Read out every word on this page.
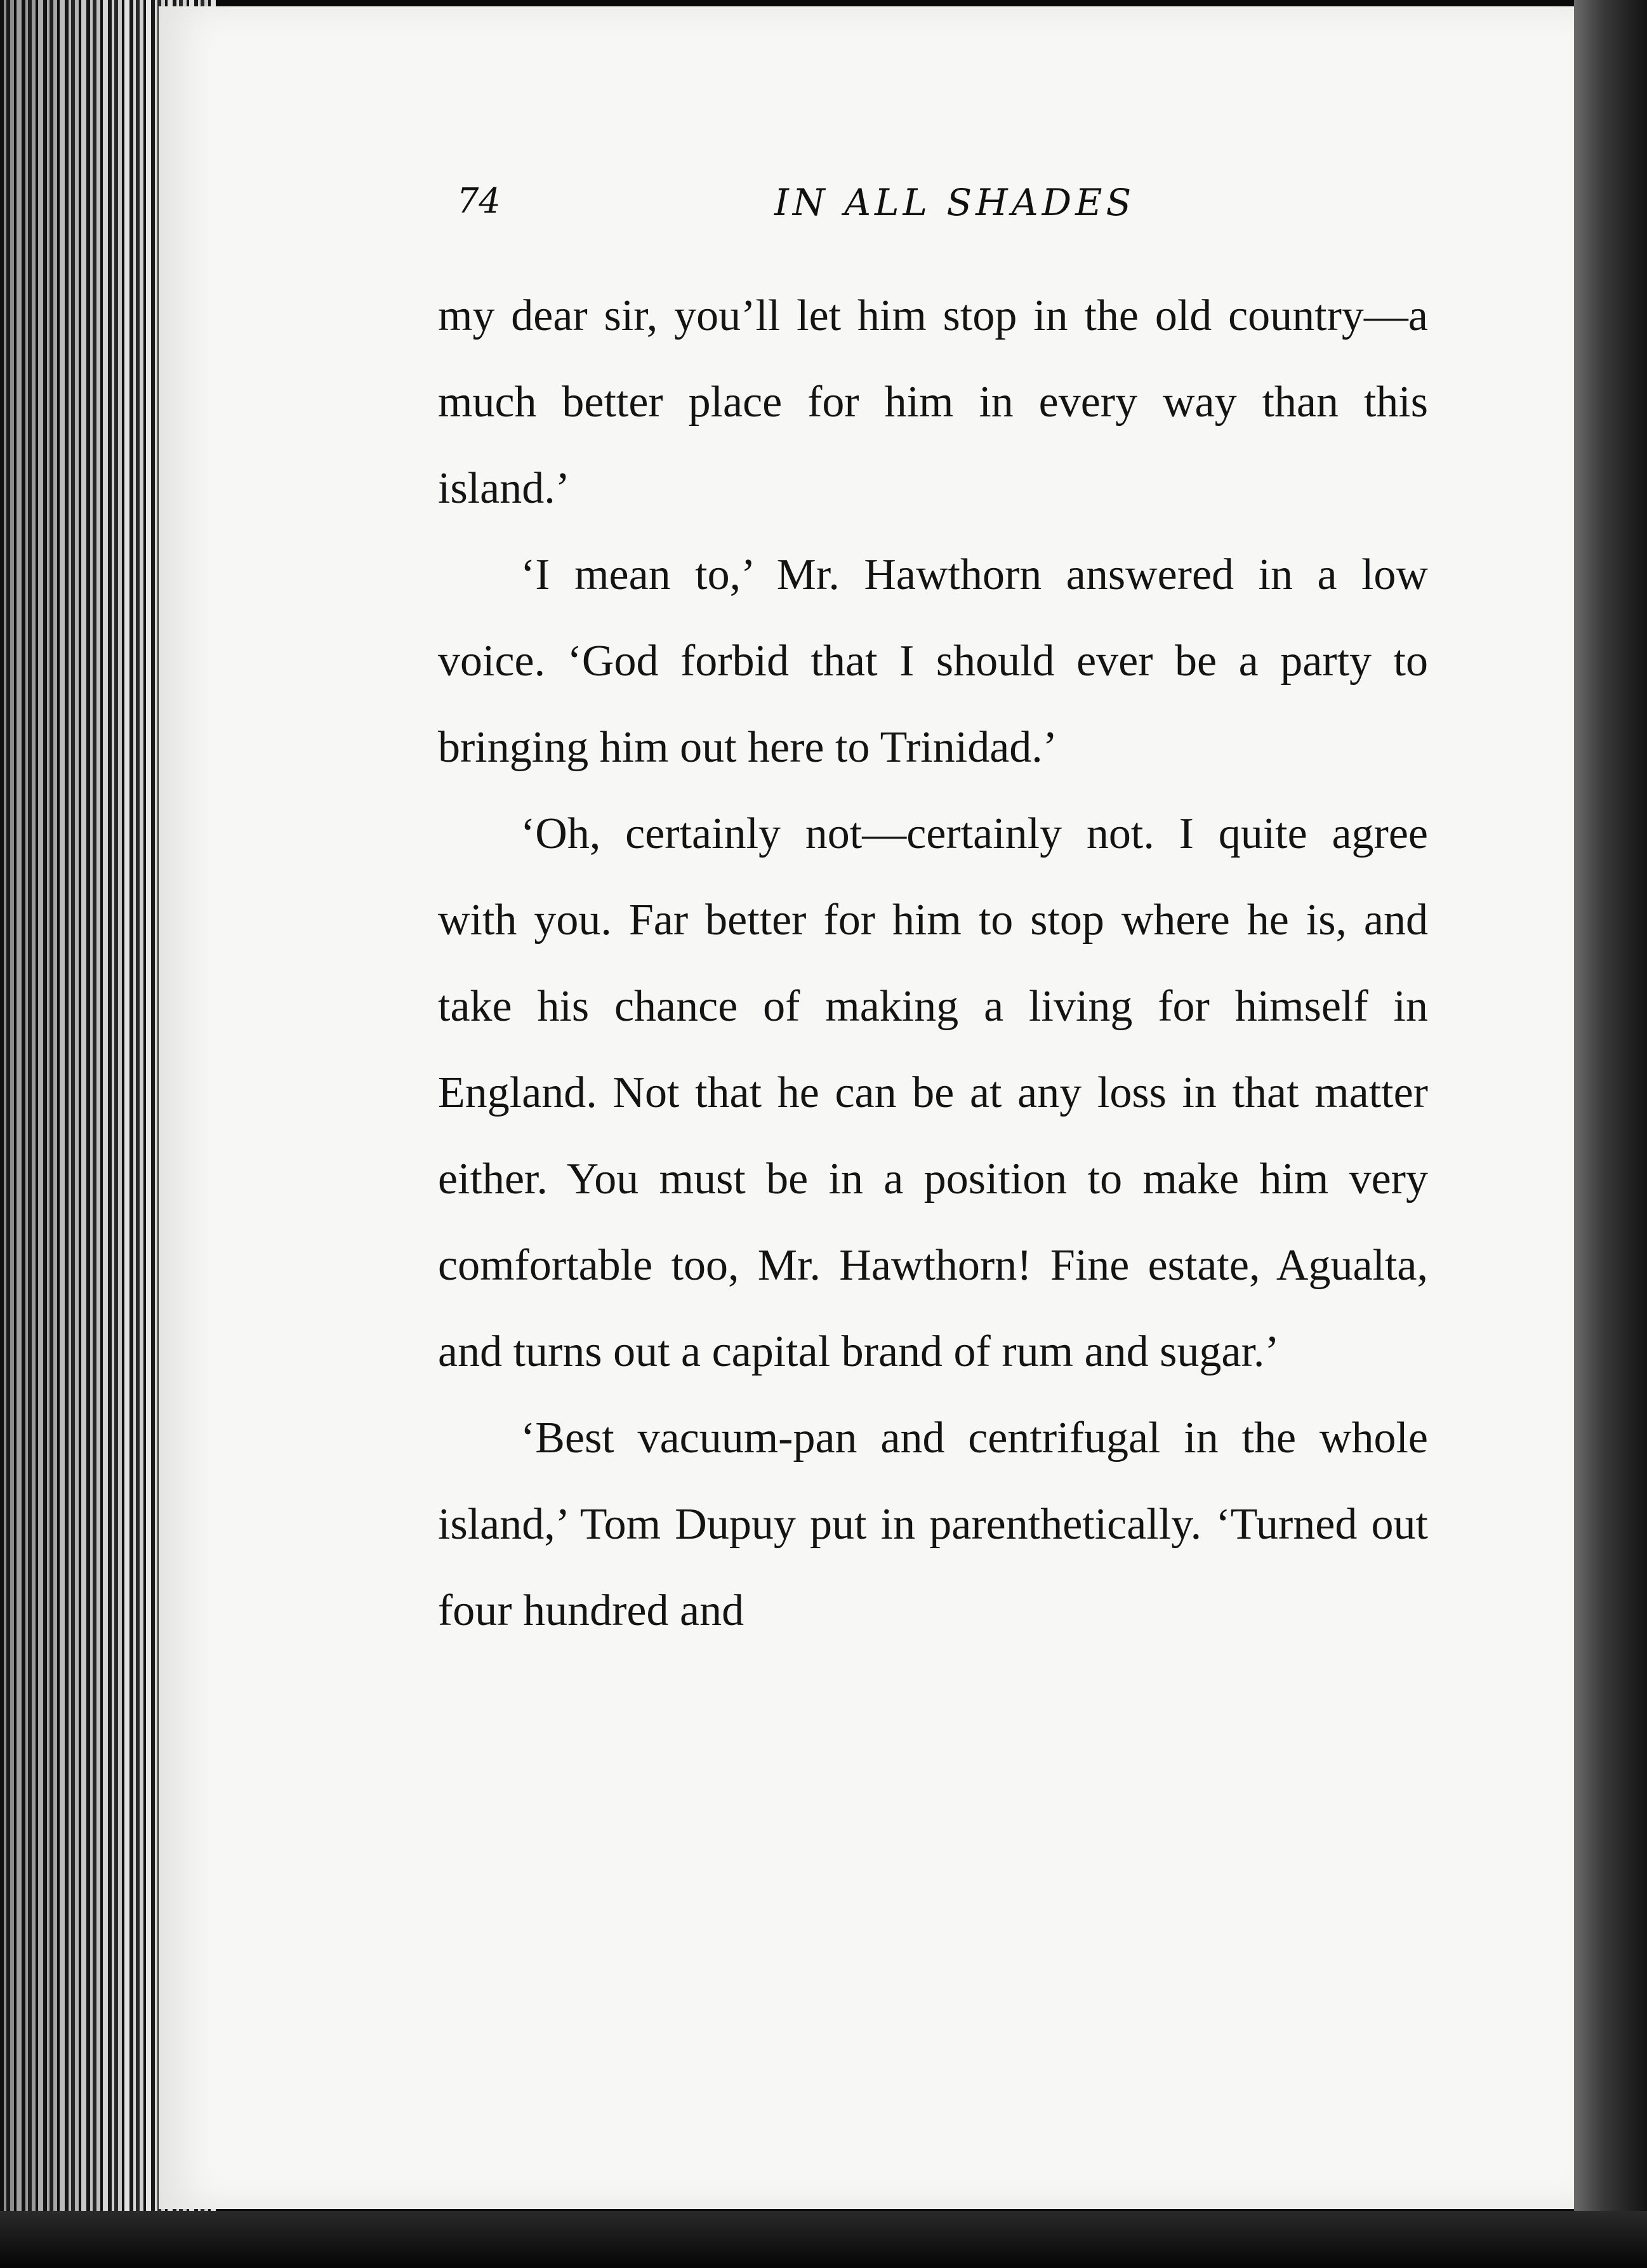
74	IN ALL SHADES

my dear sir, you’ll let him stop in the old country—a much better place for him in every way than this island.’

‘I mean to,’ Mr. Hawthorn answered in a low voice. ‘God forbid that I should ever be a party to bringing him out here to Trinidad.’

‘Oh, certainly not—certainly not. I quite agree with you. Far better for him to stop where he is, and take his chance of making a living for himself in England. Not that he can be at any loss in that matter either. You must be in a position to make him very comfortable too, Mr. Hawthorn! Fine estate, Agualta, and turns out a capital brand of rum and sugar.’

‘Best vacuum-pan and centrifugal in the whole island,’ Tom Dupuy put in parenthetically. ‘Turned out four hundred and
